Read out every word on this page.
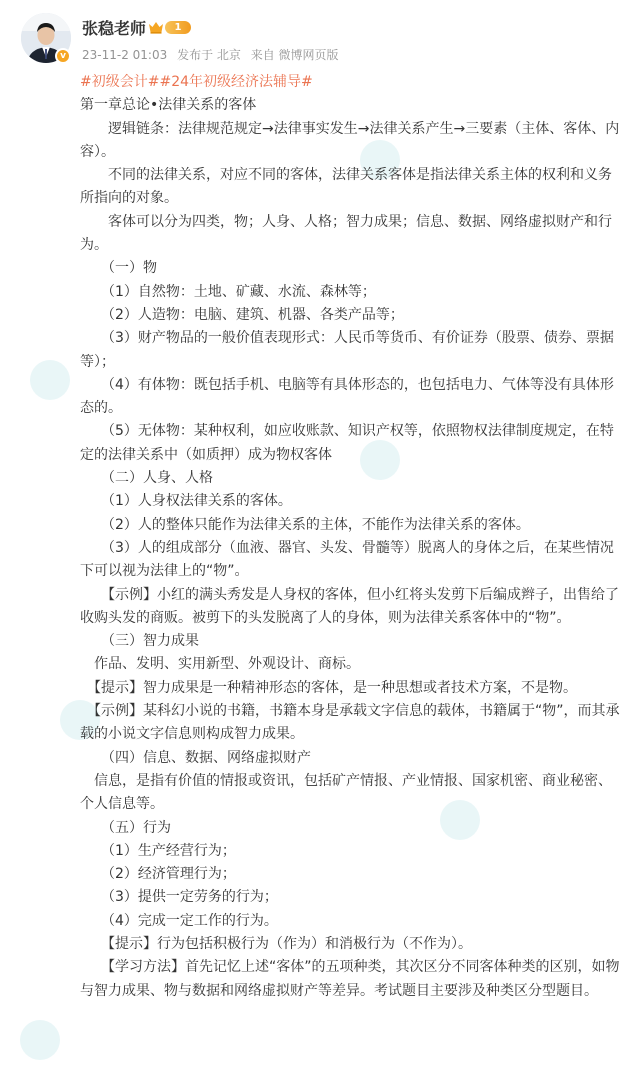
v
张稳老师	1
23-11-2 01:03 发布于 北京 来自 微博网页版

#初级会计##24年初级经济法辅导#

第一章总论•法律关系的客体

　　逻辑链条：法律规范规定→法律事实发生→法律关系产生→三要素（主体、客体、内容）。

　　不同的法律关系，对应不同的客体，法律关系客体是指法律关系主体的权利和义务所指向的对象。

　　客体可以分为四类，物；人身、人格；智力成果；信息、数据、网络虚拟财产和行为。

　　（一）物

　　（1）自然物：土地、矿藏、水流、森林等；

　　（2）人造物：电脑、建筑、机器、各类产品等；

　　（3）财产物品的一般价值表现形式：人民币等货币、有价证券（股票、债券、票据等）；

　　（4）有体物：既包括手机、电脑等有具体形态的，也包括电力、气体等没有具体形态的。

　　（5）无体物：某种权利，如应收账款、知识产权等，依照物权法律制度规定，在特定的法律关系中（如质押）成为物权客体

　　（二）人身、人格

　　（1）人身权法律关系的客体。

　　（2）人的整体只能作为法律关系的主体，不能作为法律关系的客体。

　　（3）人的组成部分（血液、器官、头发、骨髓等）脱离人的身体之后，在某些情况下可以视为法律上的“物”。

　　【示例】小红的满头秀发是人身权的客体，但小红将头发剪下后编成辫子，出售给了收购头发的商贩。被剪下的头发脱离了人的身体，则为法律关系客体中的“物”。

　　（三）智力成果

　作品、发明、实用新型、外观设计、商标。

　【提示】智力成果是一种精神形态的客体，是一种思想或者技术方案，不是物。

　【示例】某科幻小说的书籍，书籍本身是承载文字信息的载体，书籍属于“物”，而其承载的小说文字信息则构成智力成果。

　　（四）信息、数据、网络虚拟财产

　信息，是指有价值的情报或资讯，包括矿产情报、产业情报、国家机密、商业秘密、个人信息等。

　　（五）行为

　　（1）生产经营行为；

　　（2）经济管理行为；

　　（3）提供一定劳务的行为；

　　（4）完成一定工作的行为。

　　【提示】行为包括积极行为（作为）和消极行为（不作为）。

　　【学习方法】首先记忆上述“客体”的五项种类，其次区分不同客体种类的区别，如物与智力成果、物与数据和网络虚拟财产等差异。考试题目主要涉及种类区分型题目。
